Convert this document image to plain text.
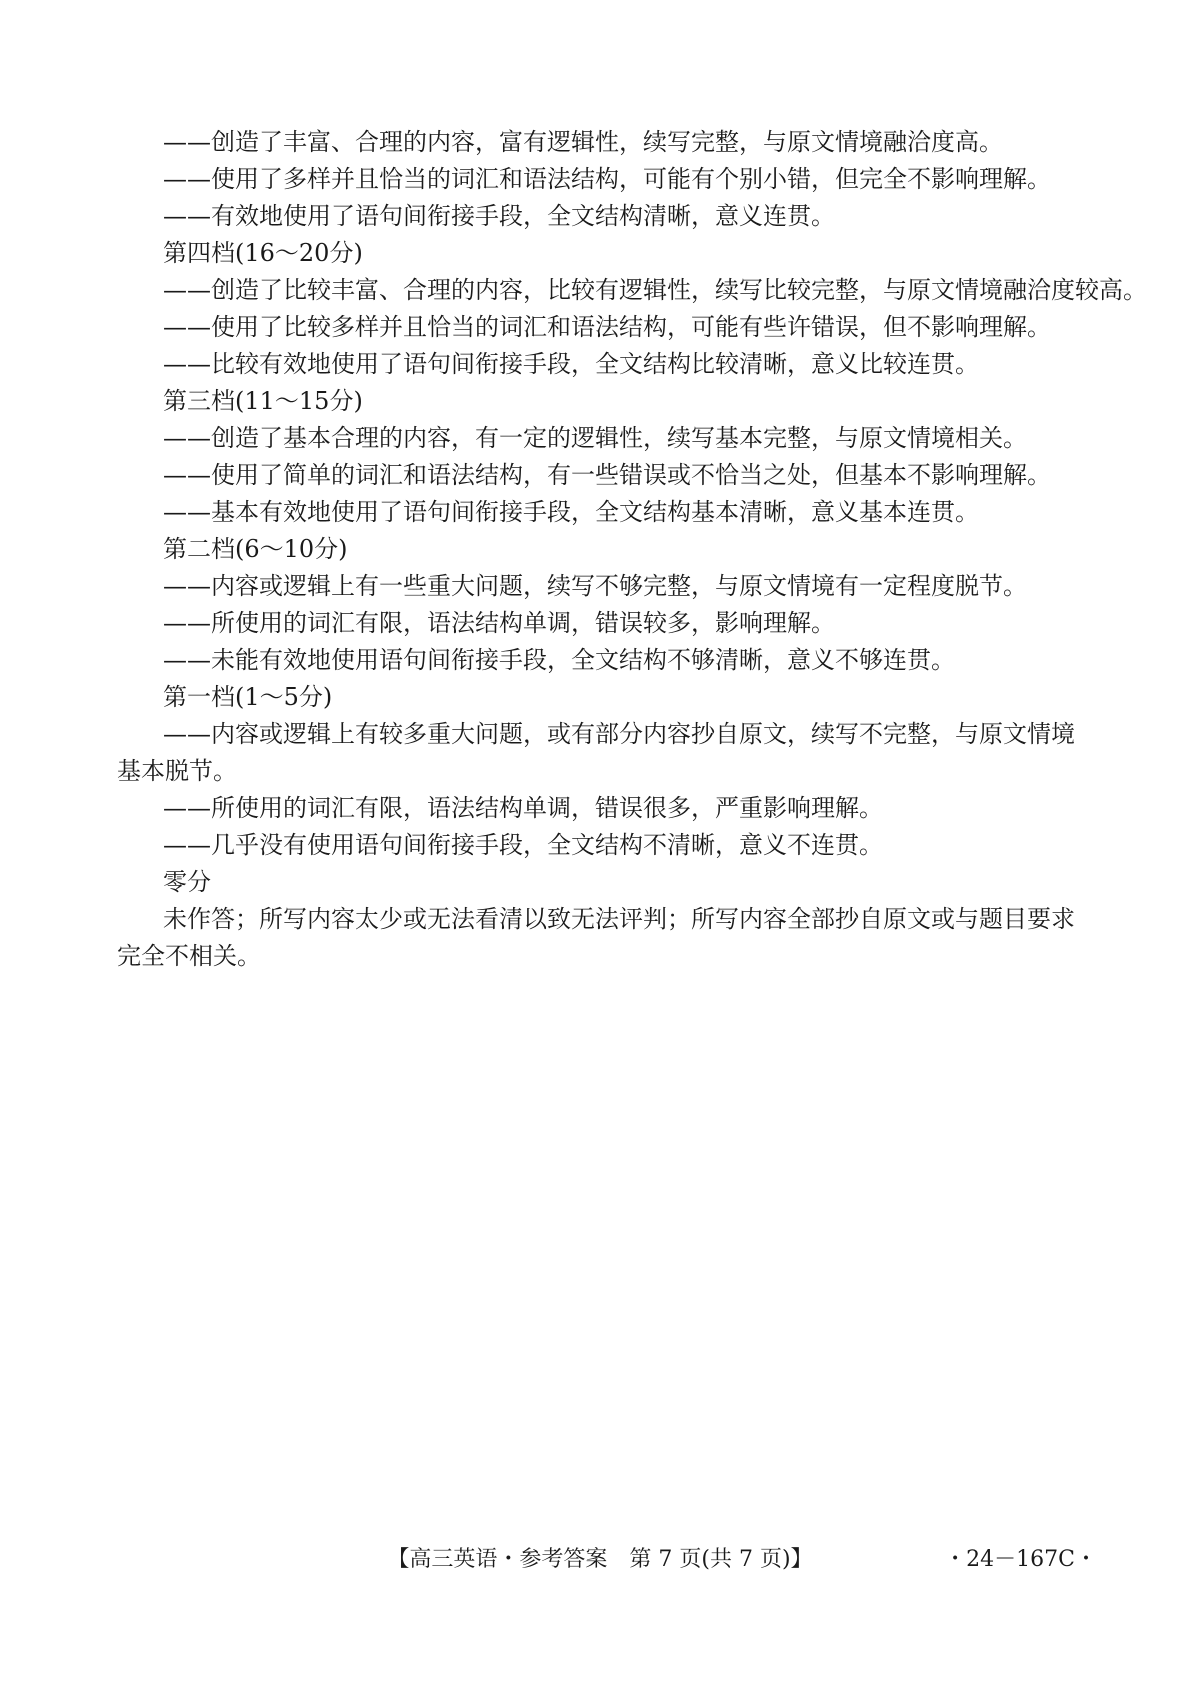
——创造了丰富、合理的内容，富有逻辑性，续写完整，与原文情境融洽度高。
——使用了多样并且恰当的词汇和语法结构，可能有个别小错，但完全不影响理解。
——有效地使用了语句间衔接手段，全文结构清晰，意义连贯。
第四档(16～20分)
——创造了比较丰富、合理的内容，比较有逻辑性，续写比较完整，与原文情境融洽度较高。
——使用了比较多样并且恰当的词汇和语法结构，可能有些许错误，但不影响理解。
——比较有效地使用了语句间衔接手段，全文结构比较清晰，意义比较连贯。
第三档(11～15分)
——创造了基本合理的内容，有一定的逻辑性，续写基本完整，与原文情境相关。
——使用了简单的词汇和语法结构，有一些错误或不恰当之处，但基本不影响理解。
——基本有效地使用了语句间衔接手段，全文结构基本清晰，意义基本连贯。
第二档(6～10分)
——内容或逻辑上有一些重大问题，续写不够完整，与原文情境有一定程度脱节。
——所使用的词汇有限，语法结构单调，错误较多，影响理解。
——未能有效地使用语句间衔接手段，全文结构不够清晰，意义不够连贯。
第一档(1～5分)
——内容或逻辑上有较多重大问题，或有部分内容抄自原文，续写不完整，与原文情境基本脱节。
——所使用的词汇有限，语法结构单调，错误很多，严重影响理解。
——几乎没有使用语句间衔接手段，全文结构不清晰，意义不连贯。
零分
未作答；所写内容太少或无法看清以致无法评判；所写内容全部抄自原文或与题目要求完全不相关。
【高三英语・参考答案　第 7 页(共 7 页)】	・24－167C・
